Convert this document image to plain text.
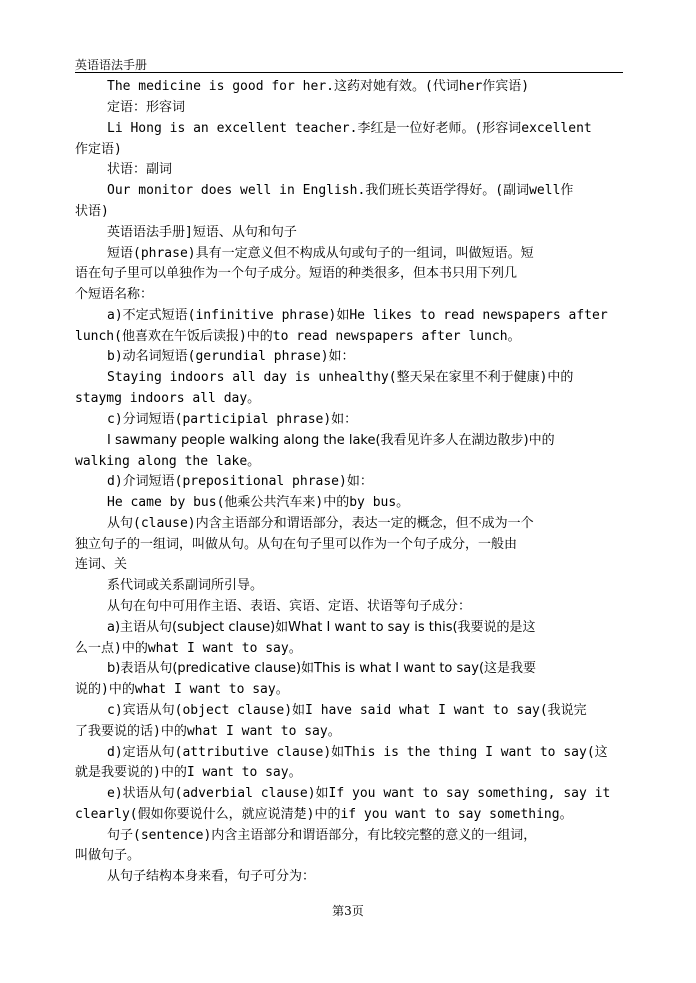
英语语法手册
The medicine is good for her.这药对她有效。(代词her作宾语)
定语：形容词
Li Hong is an excellent teacher.李红是一位好老师。(形容词excellent
作定语)
状语：副词
Our monitor does well in English.我们班长英语学得好。(副词well作
状语)
英语语法手册]短语、从句和句子
短语(phrase)具有一定意义但不构成从句或句子的一组词，叫做短语。短
语在句子里可以单独作为一个句子成分。短语的种类很多，但本书只用下列几
个短语名称：
a)不定式短语(infinitive phrase)如He likes to read newspapers after
lunch(他喜欢在午饭后读报)中的to read newspapers after lunch。
b)动名词短语(gerundial phrase)如：
Staying indoors all day is unhealthy(整天呆在家里不利于健康)中的
staymg indoors all day。
c)分词短语(participial phrase)如：
I sawmany people walking along the lake(我看见许多人在湖边散步)中的
walking along the lake。
d)介词短语(prepositional phrase)如：
He came by bus(他乘公共汽车来)中的by bus。
从句(clause)内含主语部分和谓语部分，表达一定的概念，但不成为一个
独立句子的一组词，叫做从句。从句在句子里可以作为一个句子成分，一般由
连词、关
系代词或关系副词所引导。
从句在句中可用作主语、表语、宾语、定语、状语等句子成分：
a)主语从句(subject clause)如What I want to say is this(我要说的是这
么一点)中的what I want to say。
b)表语从句(predicative clause)如This is what I want to say(这是我要
说的)中的what I want to say。
c)宾语从句(object clause)如I have said what I want to say(我说完
了我要说的话)中的what I want to say。
d)定语从句(attributive clause)如This is the thing I want to say(这
就是我要说的)中的I want to say。
e)状语从句(adverbial clause)如If you want to say something, say it
clearly(假如你要说什么，就应说清楚)中的if you want to say something。
句子(sentence)内含主语部分和谓语部分，有比较完整的意义的一组词，
叫做句子。
从句子结构本身来看，句子可分为：
第3页
